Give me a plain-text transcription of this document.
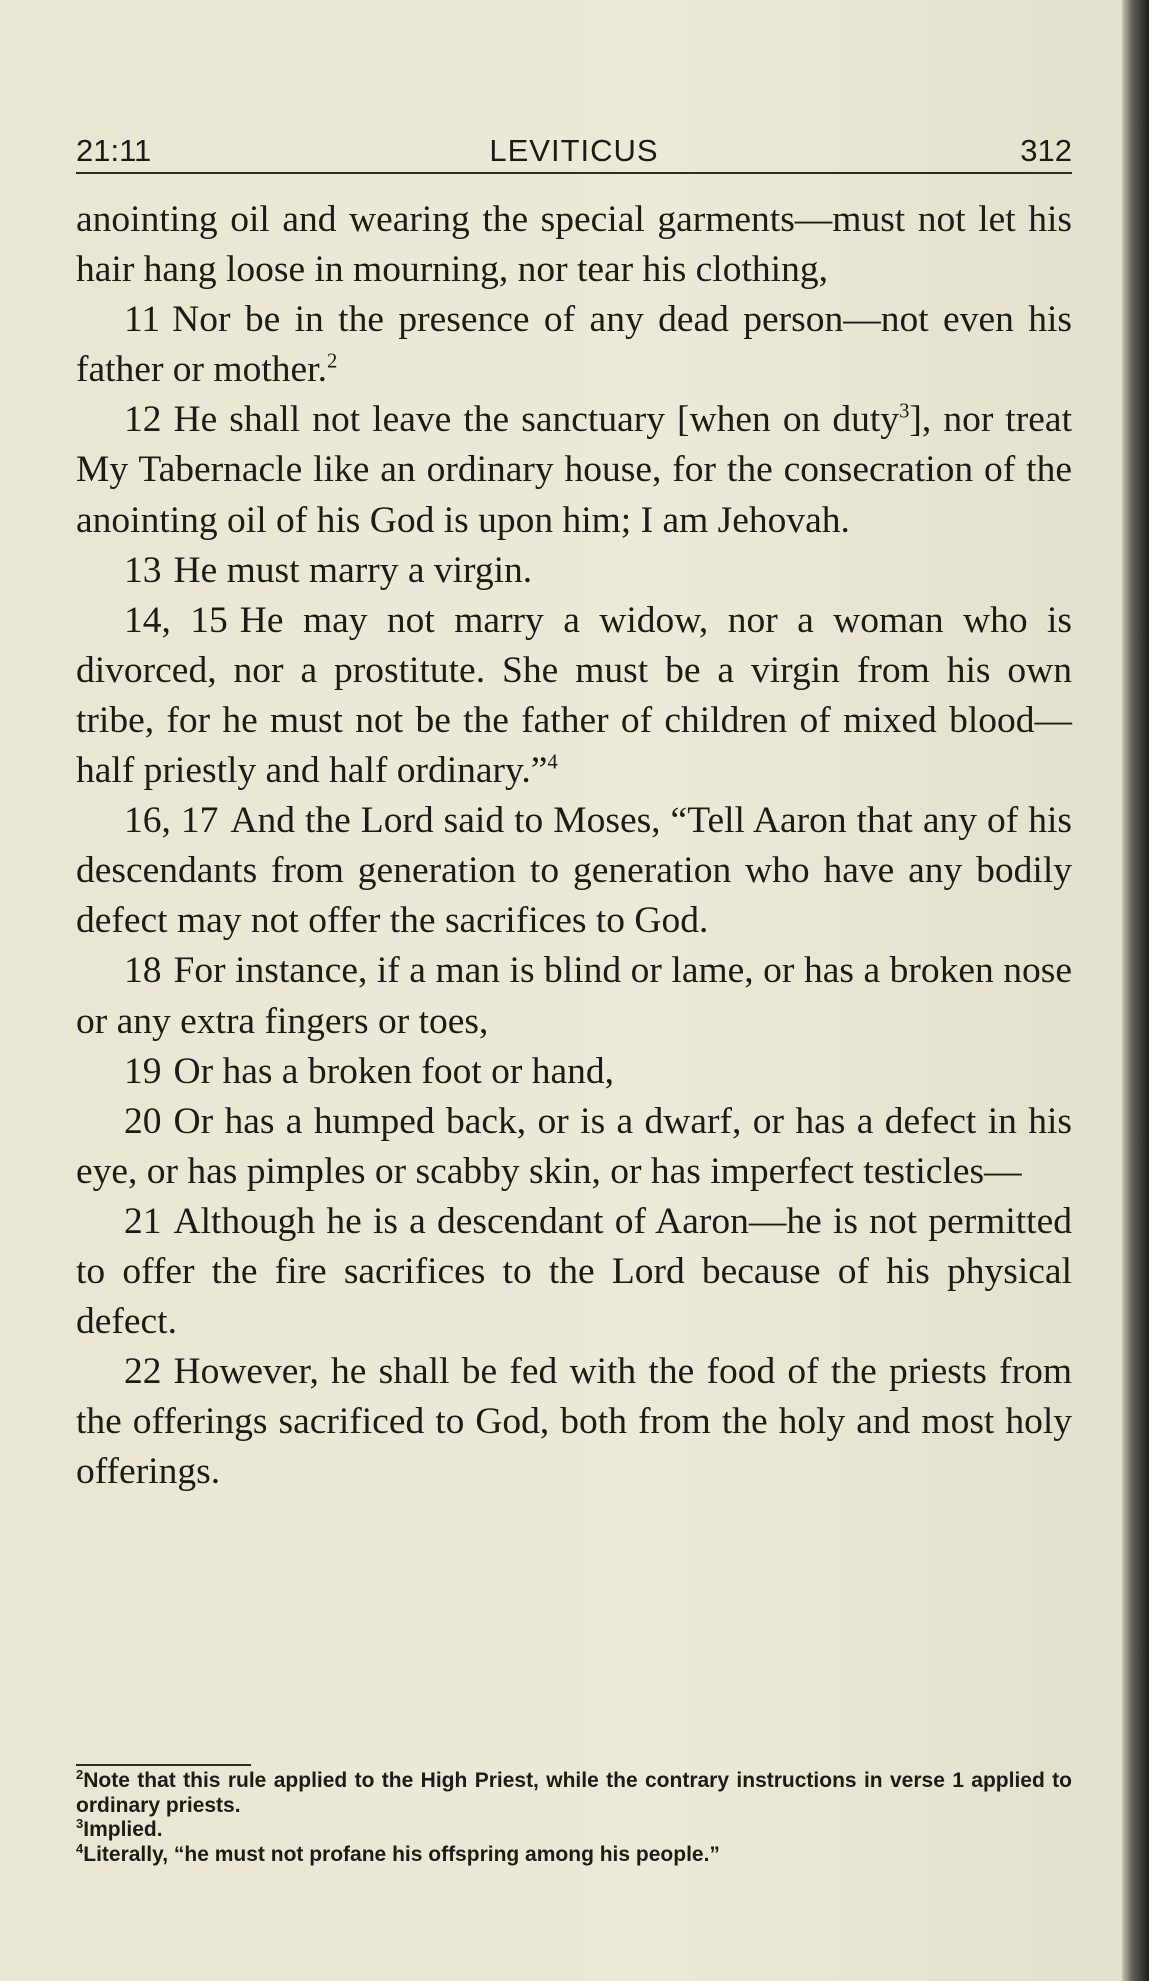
21:11	LEVITICUS	312

anointing oil and wearing the special garments—must not let his hair hang loose in mourning, nor tear his clothing,

11 Nor be in the presence of any dead person—not even his father or mother.$^2$

12 He shall not leave the sanctuary [when on duty$^3$], nor treat My Tabernacle like an ordinary house, for the consecration of the anointing oil of his God is upon him; I am Jehovah.

13 He must marry a virgin.

14, 15 He may not marry a widow, nor a woman who is divorced, nor a prostitute. She must be a virgin from his own tribe, for he must not be the father of children of mixed blood—half priestly and half ordinary.”$^4$

16, 17 And the Lord said to Moses, “Tell Aaron that any of his descendants from generation to generation who have any bodily defect may not offer the sacrifices to God.

18 For instance, if a man is blind or lame, or has a broken nose or any extra fingers or toes,

19 Or has a broken foot or hand,

20 Or has a humped back, or is a dwarf, or has a defect in his eye, or has pimples or scabby skin, or has imperfect testicles—

21 Although he is a descendant of Aaron—he is not permitted to offer the fire sacrifices to the Lord because of his physical defect.

22 However, he shall be fed with the food of the priests from the offerings sacrificed to God, both from the holy and most holy offerings.

$^2$Note that this rule applied to the High Priest, while the contrary instructions in verse 1 applied to ordinary priests.

$^3$Implied.

$^4$Literally, “he must not profane his offspring among his people.”
